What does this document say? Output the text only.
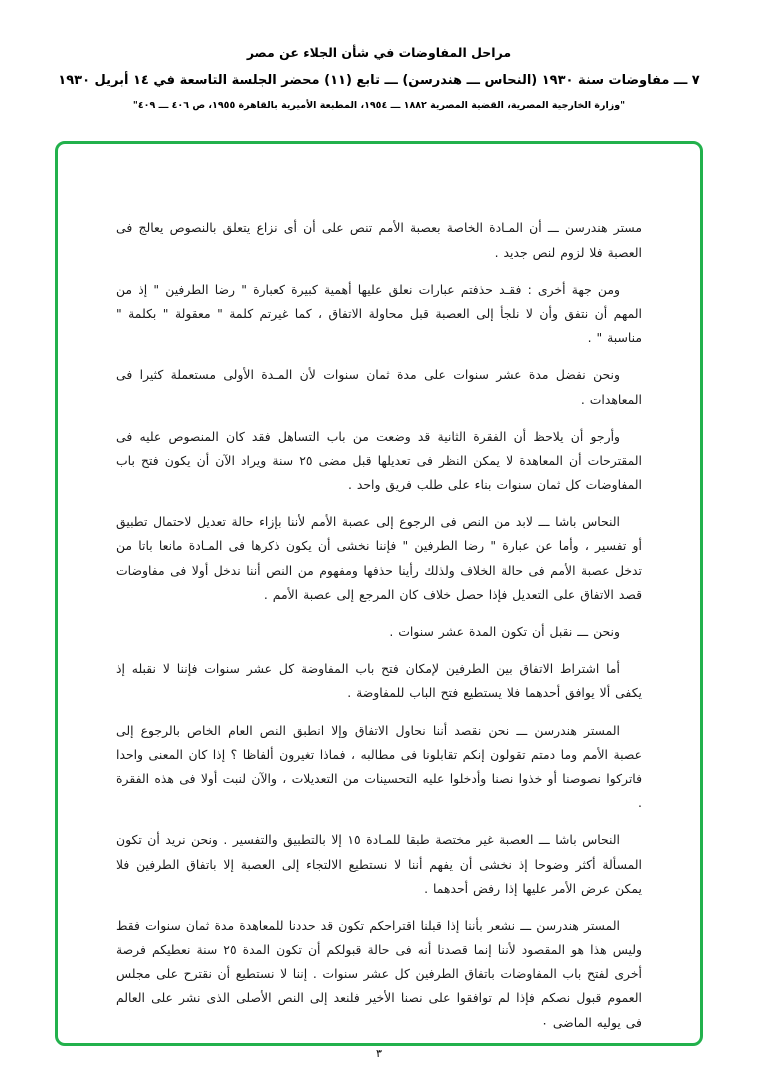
مراحل المفاوضات في شأن الجلاء عن مصر
٧ ـــ مفاوضات سنة ١٩٣٠ (النحاس ـــ هندرسن) ـــ تابع (١١) محضر الجلسة التاسعة في ١٤ أبريل ١٩٣٠
"وزارة الخارجية المصرية، القضية المصرية ١٨٨٢ ـــ ١٩٥٤، المطبعة الأميرية بالقاهرة ١٩٥٥، ص ٤٠٦ ـــ ٤٠٩"

مستر هندرسن ـــ أن المـادة الخاصة بعصبة الأمم تنص على أن أى نزاع يتعلق بالنصوص يعالج فى العصبة فلا لزوم لنص جديد .

ومن جهة أخرى : فقـد حذفتم عبارات نعلق عليها أهمية كبيرة كعبارة " رضا الطرفين " إذ من المهم أن نتفق وأن لا نلجأ إلى العصبة قبل محاولة الاتفاق ، كما غيرتم كلمة " معقولة " بكلمة " مناسبة " .

ونحن نفضل مدة عشر سنوات على مدة ثمان سنوات لأن المـدة الأولى مستعملة كثيرا فى المعاهدات .

وأرجو أن يلاحظ أن الفقرة الثانية قد وضعت من باب التساهل فقد كان المنصوص عليه فى المقترحات أن المعاهدة لا يمكن النظر فى تعديلها قبل مضى ٢٥ سنة ويراد الآن أن يكون فتح باب المفاوضات كل ثمان سنوات بناء على طلب فريق واحد .

النحاس باشا ـــ لابد من النص فى الرجوع إلى عصبة الأمم لأننا بإزاء حالة تعديل لاحتمال تطبيق أو تفسير ، وأما عن عبارة " رضا الطرفين " فإننا نخشى أن يكون ذكرها فى المـادة مانعا باتا من تدخل عصبة الأمم فى حالة الخلاف ولذلك رأينا حذفها ومفهوم من النص أننا ندخل أولا فى مفاوضات قصد الاتفاق على التعديل فإذا حصل خلاف كان المرجع إلى عصبة الأمم .

ونحن ـــ نقبل أن تكون المدة عشر سنوات .

أما اشتراط الاتفاق بين الطرفين لإمكان فتح باب المفاوضة كل عشر سنوات فإننا لا نقبله إذ يكفى ألا يوافق أحدهما فلا يستطيع فتح الباب للمفاوضة .

المستر هندرسن ـــ نحن نقصد أننا نحاول الاتفاق وإلا انطبق النص العام الخاص بالرجوع إلى عصبة الأمم وما دمتم تقولون إنكم تقابلونا فى مطالبه ، فماذا تغيرون ألفاظا ؟ إذا كان المعنى واحدا فاتركوا نصوصنا أو خذوا نصنا وأدخلوا عليه التحسينات من التعديلات ، والآن لنبت أولا فى هذه الفقرة .

النحاس باشا ـــ العصبة غير مختصة طبقا للمـادة ١٥ إلا بالتطبيق والتفسير . ونحن نريد أن تكون المسألة أكثر وضوحا إذ نخشى أن يفهم أننا لا نستطيع الالتجاء إلى العصبة إلا باتفاق الطرفين فلا يمكن عرض الأمر عليها إذا رفض أحدهما .

المستر هندرسن ـــ نشعر بأننا إذا قبلنا اقتراحكم تكون قد حددنا للمعاهدة مدة ثمان سنوات فقط وليس هذا هو المقصود لأننا إنما قصدنا أنه فى حالة قبولكم أن تكون المدة ٢٥ سنة نعطيكم فرصة أخرى لفتح باب المفاوضات باتفاق الطرفين كل عشر سنوات . إننا لا نستطيع أن نقترح على مجلس العموم قبول نصكم فإذا لم توافقوا على نصنا الأخير فلنعد إلى النص الأصلى الذى نشر على العالم فى يوليه الماضى ٠

٣
